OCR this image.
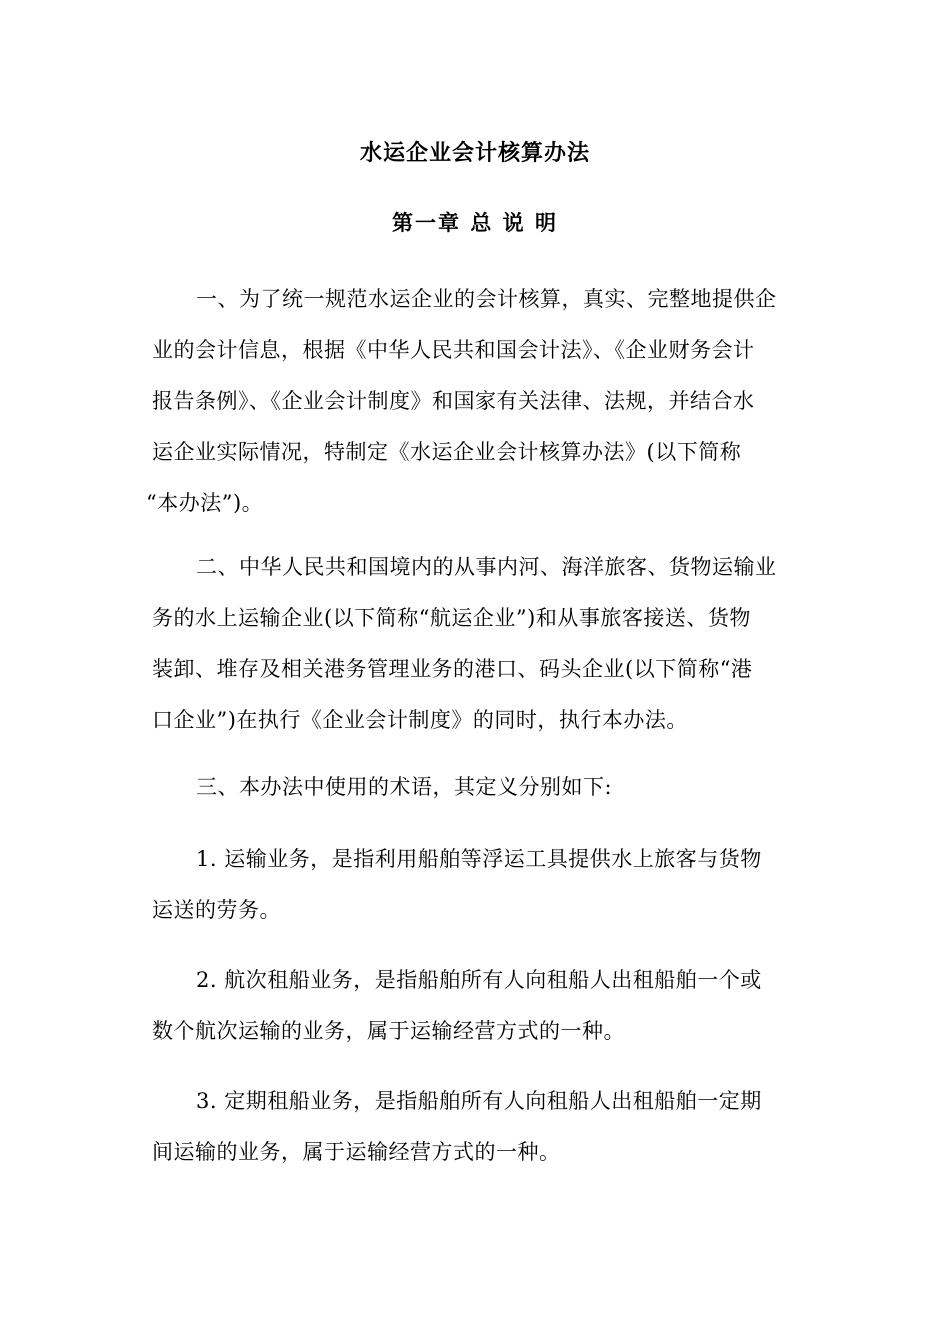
水运企业会计核算办法
第一章 总 说 明
一、为了统一规范水运企业的会计核算，真实、完整地提供企
业的会计信息，根据《中华人民共和国会计法》、《企业财务会计
报告条例》、《企业会计制度》和国家有关法律、法规，并结合水
运企业实际情况，特制定《水运企业会计核算办法》(以下简称
“本办法”)。
二、中华人民共和国境内的从事内河、海洋旅客、货物运输业
务的水上运输企业(以下简称“航运企业”)和从事旅客接送、货物
装卸、堆存及相关港务管理业务的港口、码头企业(以下简称“港
口企业”)在执行《企业会计制度》的同时，执行本办法。
三、本办法中使用的术语，其定义分别如下:
1. 运输业务，是指利用船舶等浮运工具提供水上旅客与货物
运送的劳务。
2. 航次租船业务，是指船舶所有人向租船人出租船舶一个或
数个航次运输的业务，属于运输经营方式的一种。
3. 定期租船业务，是指船舶所有人向租船人出租船舶一定期
间运输的业务，属于运输经营方式的一种。
